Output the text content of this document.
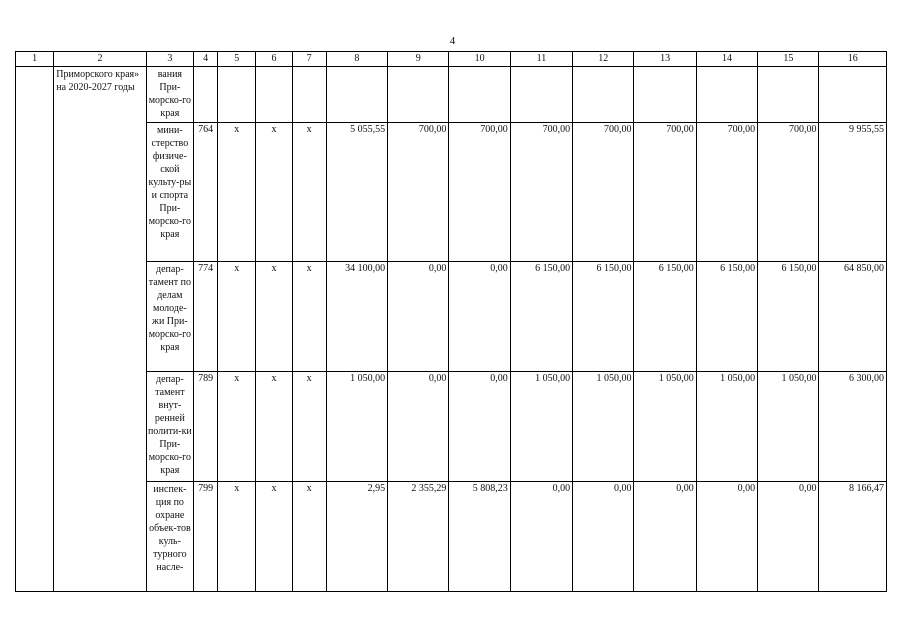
4
1	2	3	4	5	6	7	8	9	10	11	12	13	14	15	16
	Приморского края» на 2020-2027 годы	вания При-морско-го края													
		мини-стерство физиче-ской культу-ры и спорта При-морско-го края	764	х	х	х	5 055,55	700,00	700,00	700,00	700,00	700,00	700,00	700,00	9 955,55
		депар-тамент по делам молоде-жи При-морско-го края	774	х	х	х	34 100,00	0,00	0,00	6 150,00	6 150,00	6 150,00	6 150,00	6 150,00	64 850,00
		депар-тамент внут-ренней полити-ки При-морско-го края	789	х	х	х	1 050,00	0,00	0,00	1 050,00	1 050,00	1 050,00	1 050,00	1 050,00	6 300,00
		инспек-ция по охране объек-тов куль-турного насле-	799	х	х	х	2,95	2 355,29	5 808,23	0,00	0,00	0,00	0,00	0,00	8 166,47
